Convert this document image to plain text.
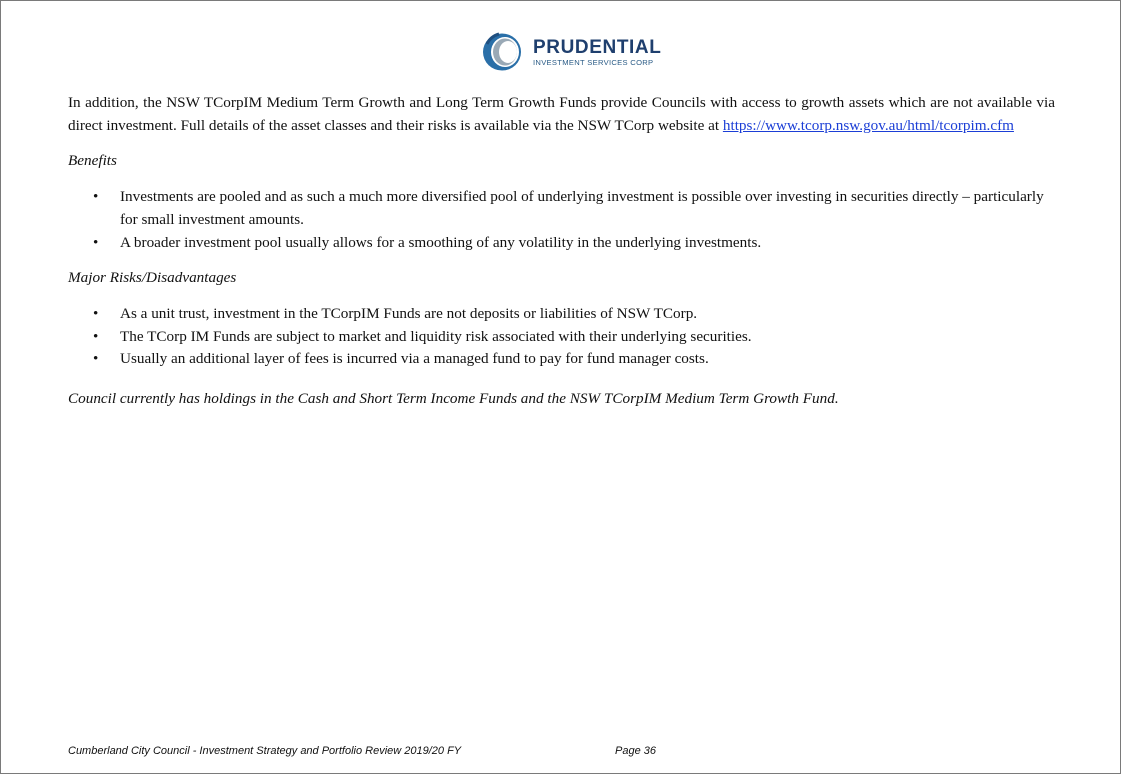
PRUDENTIAL
INVESTMENT SERVICES CORP

In addition, the NSW TCorpIM Medium Term Growth and Long Term Growth Funds provide Councils with access to growth assets which are not available via direct investment. Full details of the asset classes and their risks is available via the NSW TCorp website at https://www.tcorp.nsw.gov.au/html/tcorpim.cfm

Benefits

• Investments are pooled and as such a much more diversified pool of underlying investment is possible over investing in securities directly – particularly for small investment amounts.
• A broader investment pool usually allows for a smoothing of any volatility in the underlying investments.

Major Risks/Disadvantages

• As a unit trust, investment in the TCorpIM Funds are not deposits or liabilities of NSW TCorp.
• The TCorp IM Funds are subject to market and liquidity risk associated with their underlying securities.
• Usually an additional layer of fees is incurred via a managed fund to pay for fund manager costs.

Council currently has holdings in the Cash and Short Term Income Funds and the NSW TCorpIM Medium Term Growth Fund.

Cumberland City Council - Investment Strategy and Portfolio Review 2019/20 FY	Page 36
